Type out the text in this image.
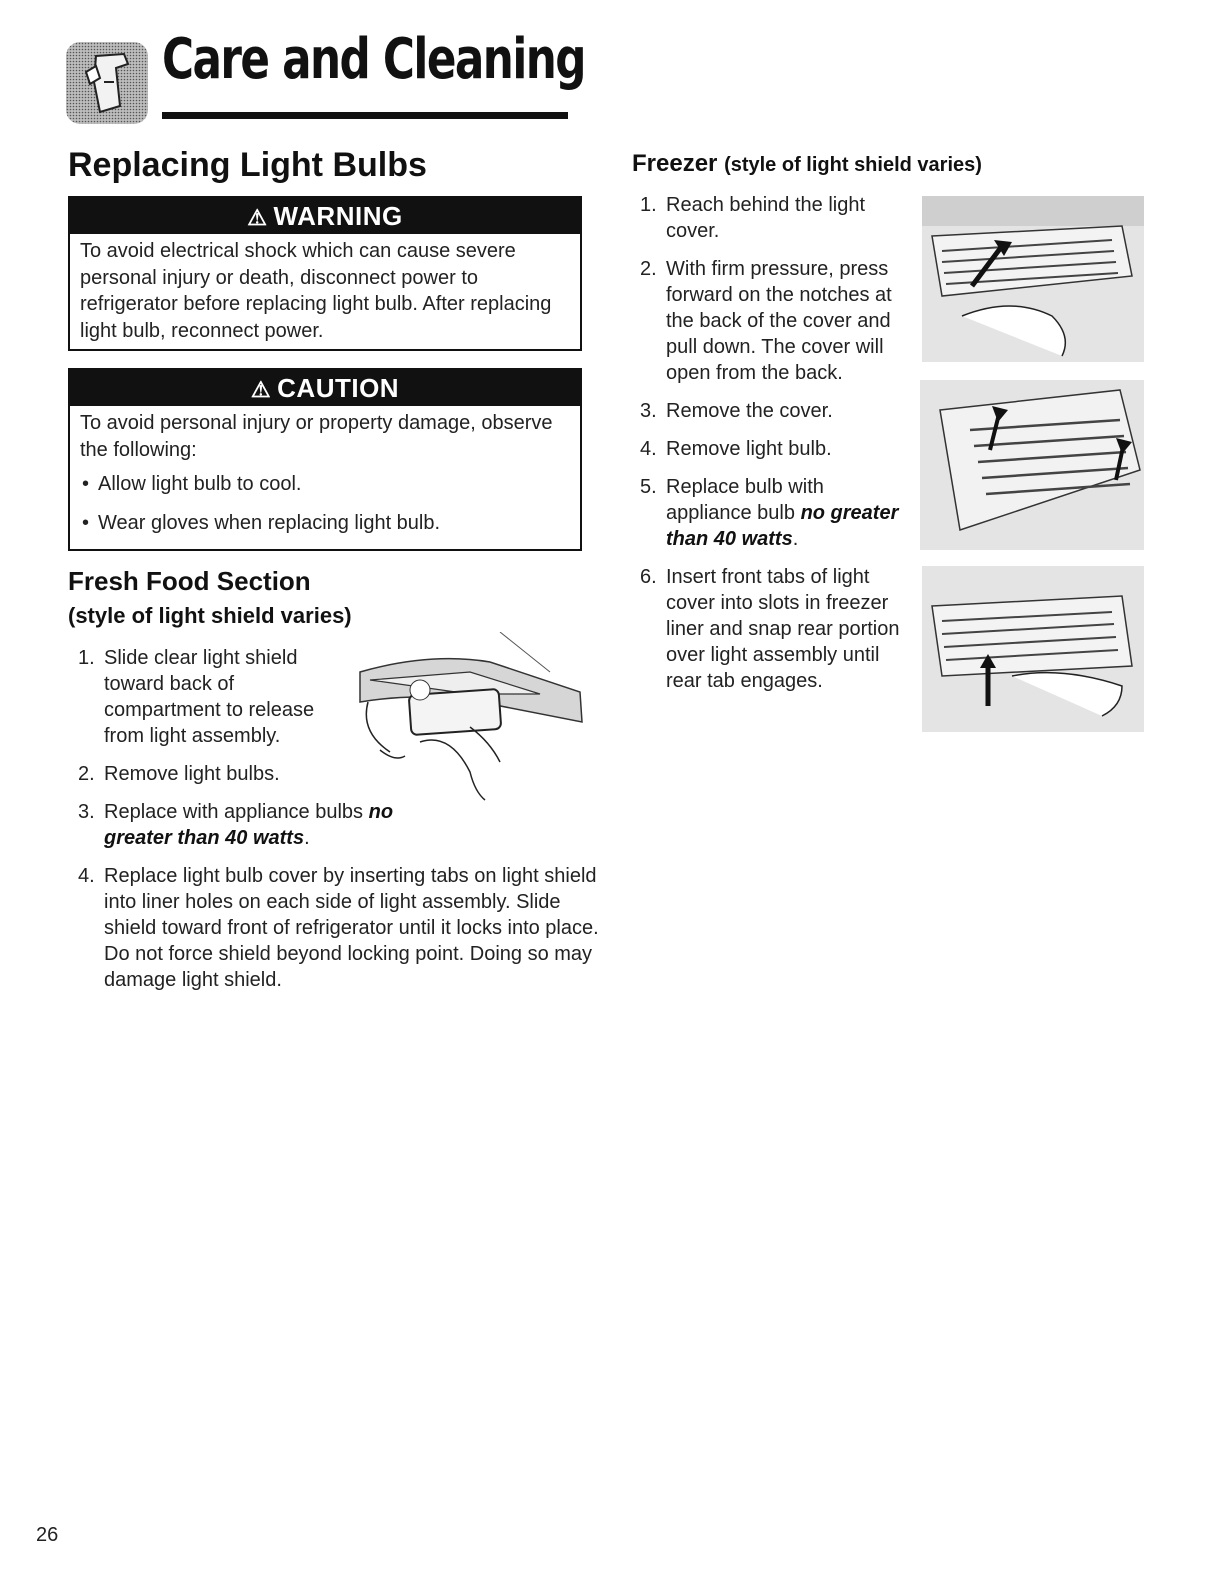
Care and Cleaning
Replacing Light Bulbs
⚠ WARNING
To avoid electrical shock which can cause severe personal injury or death, disconnect power to refrigerator before replacing light bulb. After replacing light bulb, reconnect power.
⚠ CAUTION
To avoid personal injury or property damage, observe the following:
• Allow light bulb to cool.
• Wear gloves when replacing light bulb.
Fresh Food Section
(style of light shield varies)
1. Slide clear light shield toward back of compartment to release from light assembly.
2. Remove light bulbs.
3. Replace with appliance bulbs no greater than 40 watts.
4. Replace light bulb cover by inserting tabs on light shield into liner holes on each side of light assembly. Slide shield toward front of refrigerator until it locks into place. Do not force shield beyond locking point. Doing so may damage light shield.
Freezer (style of light shield varies)
1. Reach behind the light cover.
2. With firm pressure, press forward on the notches at the back of the cover and pull down. The cover will open from the back.
3. Remove the cover.
4. Remove light bulb.
5. Replace bulb with appliance bulb no greater than 40 watts.
6. Insert front tabs of light cover into slots in freezer liner and snap rear portion over light assembly until rear tab engages.
26
